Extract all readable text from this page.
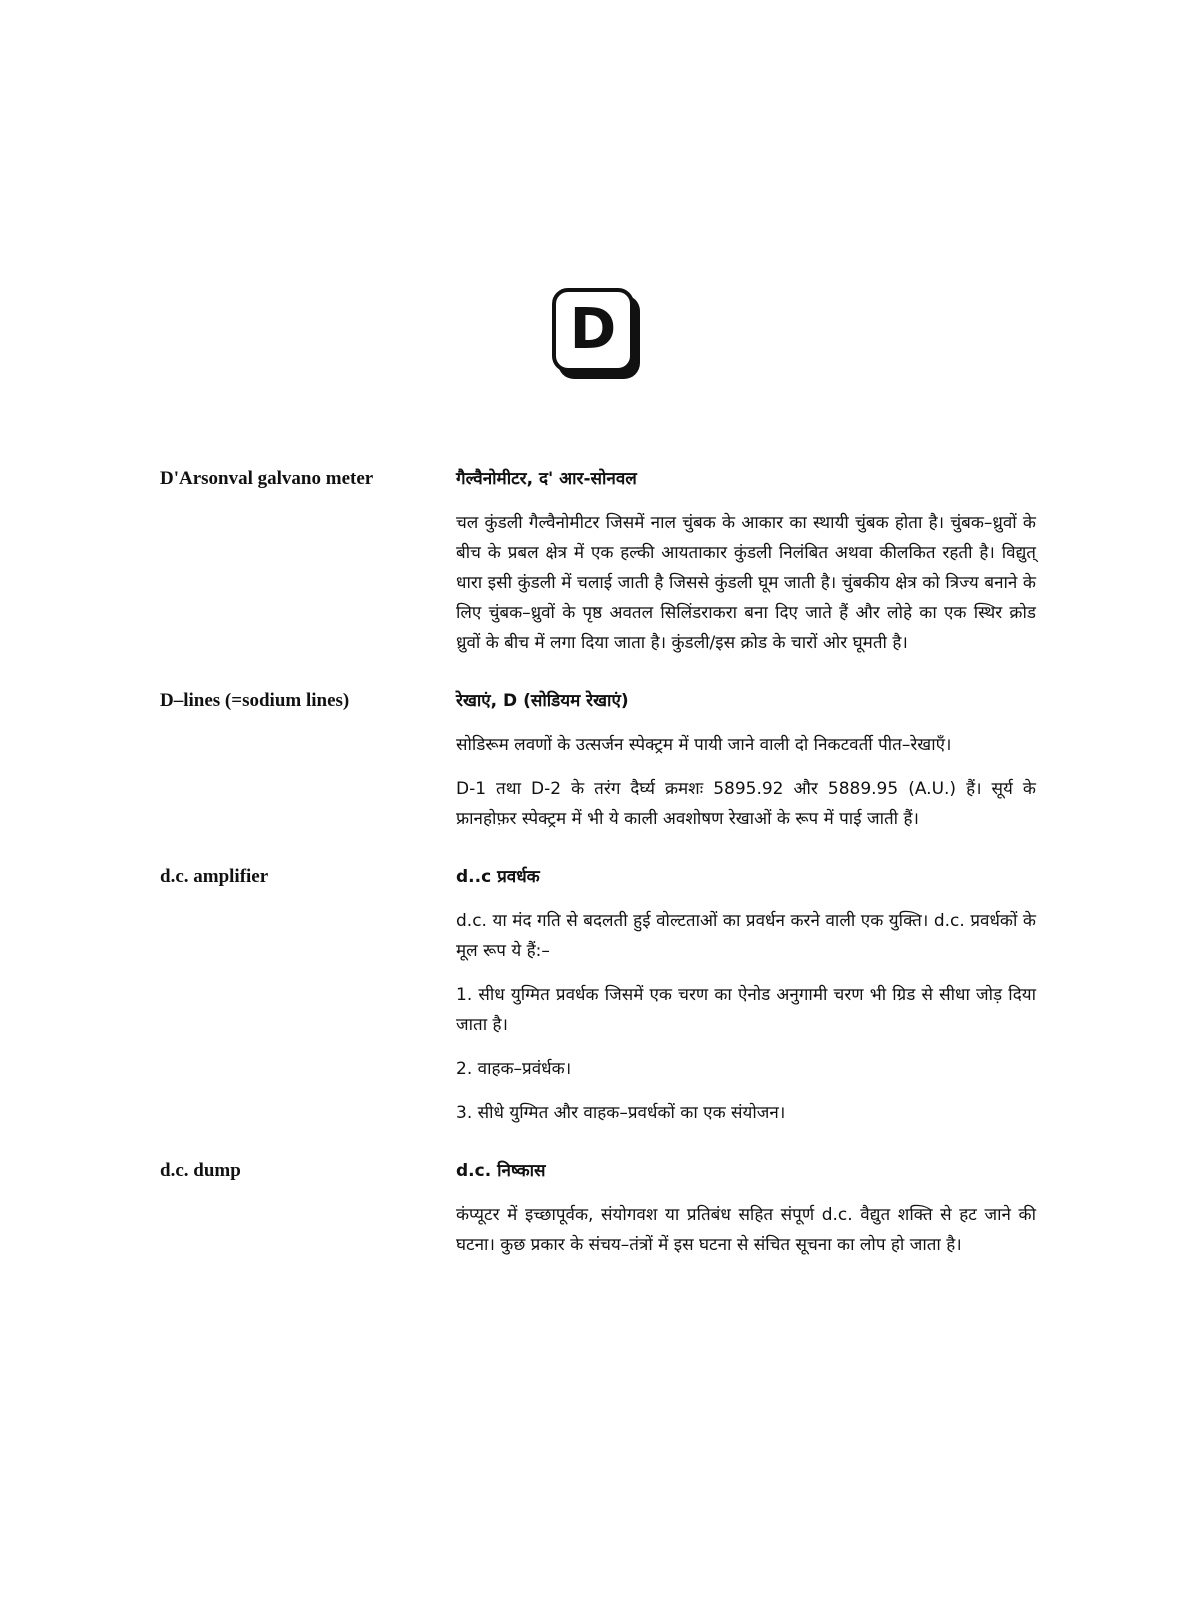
D
D'Arsonval galvano meter	गैल्वैनोमीटर, द' आर-सोनवल

चल कुंडली गैल्वैनोमीटर जिसमें नाल चुंबक के आकार का स्थायी चुंबक होता है। चुंबक–ध्रुवों के बीच के प्रबल क्षेत्र में एक हल्की आयताकार कुंडली निलंबित अथवा कीलकित रहती है। विद्युत् धारा इसी कुंडली में चलाई जाती है जिससे कुंडली घूम जाती है। चुंबकीय क्षेत्र को त्रिज्य बनाने के लिए चुंबक–ध्रुवों के पृष्ठ अवतल सिलिंडराकरा बना दिए जाते हैं और लोहे का एक स्थिर क्रोड ध्रुवों के बीच में लगा दिया जाता है। कुंडली/इस क्रोड के चारों ओर घूमती है।

D–lines (=sodium lines)	रेखाएं, D (सोडियम रेखाएं)

सोडिरूम लवणों के उत्सर्जन स्पेक्ट्रम में पायी जाने वाली दो निकटवर्ती पीत–रेखाएँ।

D-1 तथा D-2 के तरंग दैर्घ्य क्रमशः 5895.92 और 5889.95 (A.U.) हैं। सूर्य के फ्रानहोफ़र स्पेक्ट्रम में भी ये काली अवशोषण रेखाओं के रूप में पाई जाती हैं।

d.c. amplifier	d..c प्रवर्धक

d.c. या मंद गति से बदलती हुई वोल्टताओं का प्रवर्धन करने वाली एक युक्ति। d.c. प्रवर्धकों के मूल रूप ये हैं:–

1. सीध युग्मित प्रवर्धक जिसमें एक चरण का ऐनोड अनुगामी चरण भी ग्रिड से सीधा जोड़ दिया जाता है।

2. वाहक–प्रवंर्धक।

3. सीधे युग्मित और वाहक–प्रवर्धकों का एक संयोजन।

d.c. dump	d.c. निष्कास

कंप्यूटर में इच्छापूर्वक, संयोगवश या प्रतिबंध सहित संपूर्ण d.c. वैद्युत शक्ति से हट जाने की घटना। कुछ प्रकार के संचय–तंत्रों में इस घटना से संचित सूचना का लोप हो जाता है।
